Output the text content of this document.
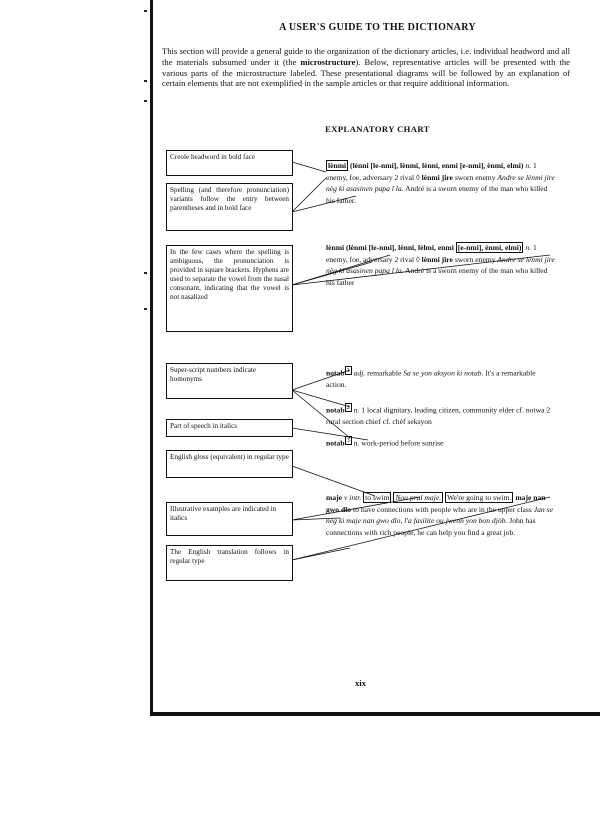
A USER'S GUIDE TO THE DICTIONARY
This section will provide a general guide to the organization of the dictionary articles, i.e. individual headword and all the materials subsumed under it (the microstructure). Below, representative articles will be presented with the various parts of the microstructure labeled. These presentational diagrams will be followed by an explanation of certain elements that are not exemplified in the sample articles or that require additional information.
EXPLANATORY CHART
Creole headword in bold face
Spelling (and therefore pronunciation) variants follow the entry between parentheses and in bold face
In the few cases where the spelling is ambiguous, the pronunciation is provided in square brackets. Hyphens are used to separate the vowel from the nasal consonant, indicating that the vowel is not nasalized
Super-script numbers indicate homonyms
Part of speech in italics
English gloss (equivalent) in regular type
Illustrative examples are indicated in italics
The English translation follows in regular type
lènmi (lènni [le-nmi], lènmi, lènni, enmi [e-nmi], ènmi, elmi) n. 1 enemy, foe, adversary 2 rival ◊ lènmi jire sworn enemy Andre se lènmi jire nèg ki asasinen papa l la. André is a sworn enemy of the man who killed his father.
lènmi (lènmi [le-nmi], lènni, lèlmi, enmi [e-nmi], ènmi, elmi) n. 1 enemy, foe, adversary 2 rival ◊ lènmi jire sworn enemy Andre se lènmi jire nèg ki asasinen papa l la. André is a sworn enemy of the man who killed his father
notab $^1$ adj. remarkable Sa se yon aksyon ki notab. It's a remarkable action.
notab $^2$ n. 1 local dignitary, leading citizen, community elder cf. notwa 2 rural section chief cf. chèf seksyon
notab $^3$ n. work-period before sunrise
maje v intr. to swim Nou pral maje. We're going to swim. maje nan gwo dlo to have connections with people who are in the upper class Jan se nèg ki maje nan gwo dlo, l'a fasilite ou jwenn yon bon djòb. John has connections with rich people, he can help you find a great job.
xix
